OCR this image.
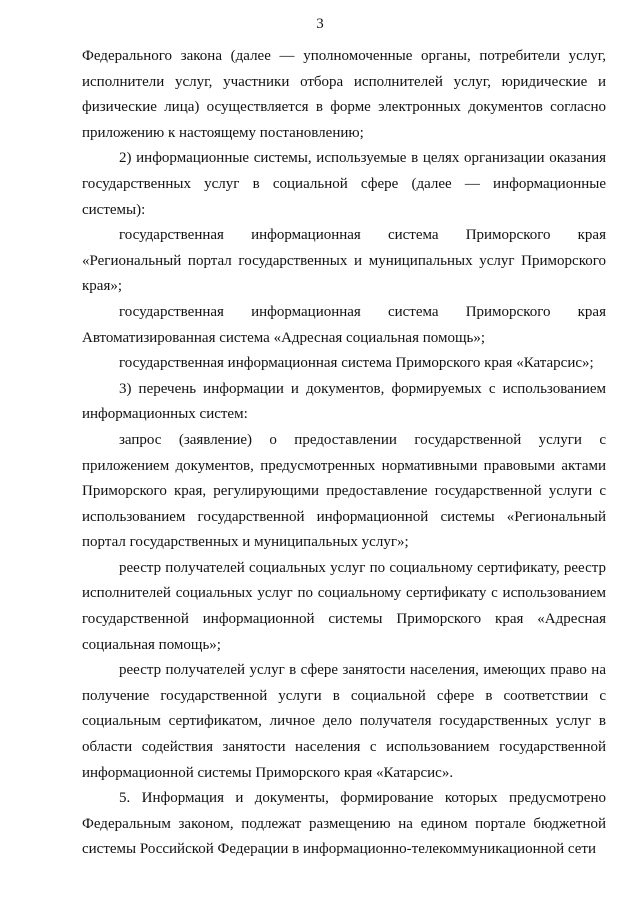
3

Федерального закона (далее — уполномоченные органы, потребители услуг, исполнители услуг, участники отбора исполнителей услуг, юридические и физические лица) осуществляется в форме электронных документов согласно приложению к настоящему постановлению;

2) информационные системы, используемые в целях организации оказания государственных услуг в социальной сфере (далее — информационные системы):

государственная информационная система Приморского края «Региональный портал государственных и муниципальных услуг Приморского края»;

государственная информационная система Приморского края Автоматизированная система «Адресная социальная помощь»;

государственная информационная система Приморского края «Катарсис»;

3) перечень информации и документов, формируемых с использованием информационных систем:

запрос (заявление) о предоставлении государственной услуги с приложением документов, предусмотренных нормативными правовыми актами Приморского края, регулирующими предоставление государственной услуги с использованием государственной информационной системы «Региональный портал государственных и муниципальных услуг»;

реестр получателей социальных услуг по социальному сертификату, реестр исполнителей социальных услуг по социальному сертификату с использованием государственной информационной системы Приморского края «Адресная социальная помощь»;

реестр получателей услуг в сфере занятости населения, имеющих право на получение государственной услуги в социальной сфере в соответствии с социальным сертификатом, личное дело получателя государственных услуг в области содействия занятости населения с использованием государственной информационной системы Приморского края «Катарсис».

5. Информация и документы, формирование которых предусмотрено Федеральным законом, подлежат размещению на едином портале бюджетной системы Российской Федерации в информационно-телекоммуникационной сети
